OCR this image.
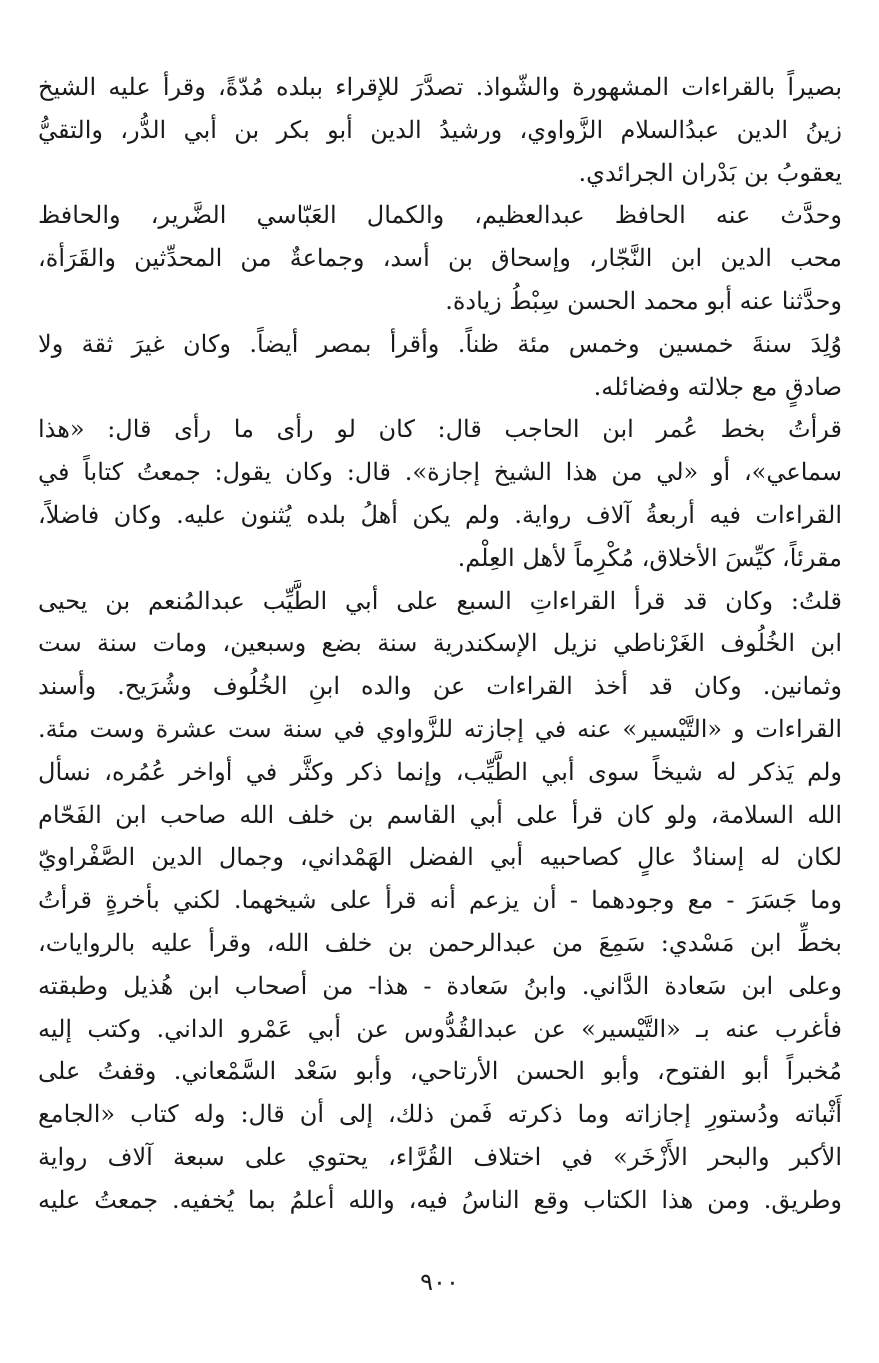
بصيراً بالقراءات المشهورة والشّواذ. تصدَّرَ للإقراء ببلده مُدّةً، وقرأ عليه الشيخ
زينُ الدين عبدُالسلام الزَّواوي، ورشيدُ الدين أبو بكر بن أبي الدُّر، والتقيُّ
يعقوبُ بن بَدْران الجرائدي.
وحدَّث عنه الحافظ عبدالعظيم، والكمال العَبّاسي الضَّرير، والحافظ
محب الدين ابن النَّجّار، وإسحاق بن أسد، وجماعةٌ من المحدِّثين والقَرَأة،
وحدَّثنا عنه أبو محمد الحسن سِبْطُ زيادة.
وُلِدَ سنةَ خمسين وخمس مئة ظناً. وأقرأ بمصر أيضاً. وكان غيرَ ثقة ولا
صادقٍ مع جلالته وفضائله.
قرأتُ بخط عُمر ابن الحاجب قال: كان لو رأى ما رأى قال: «هذا
سماعي»، أو «لي من هذا الشيخ إجازة». قال: وكان يقول: جمعتُ كتاباً في
القراءات فيه أربعةُ آلاف رواية. ولم يكن أهلُ بلده يُثنون عليه. وكان فاضلاً،
مقرئاً، كيِّسَ الأخلاق، مُكْرِماً لأهل العِلْم.
قلتُ: وكان قد قرأ القراءاتِ السبع على أبي الطَّيِّب عبدالمُنعم بن يحيى
ابن الخُلُوف الغَرْناطي نزيل الإسكندرية سنة بضع وسبعين، ومات سنة ست
وثمانين. وكان قد أخذ القراءات عن والده ابنِ الخُلُوف وشُرَيح. وأسند
القراءات و «التَّيْسير» عنه في إجازته للزَّواوي في سنة ست عشرة وست مئة.
ولم يَذكر له شيخاً سوى أبي الطَّيِّب، وإنما ذكر وكثَّر في أواخر عُمُره، نسأل
الله السلامة، ولو كان قرأ على أبي القاسم بن خلف الله صاحب ابن الفَحّام
لكان له إسنادٌ عالٍ كصاحبيه أبي الفضل الهَمْداني، وجمال الدين الصَّفْراويّ
وما جَسَرَ - مع وجودهما - أن يزعم أنه قرأ على شيخهما. لكني بأخرةٍ قرأتُ
بخطِّ ابن مَسْدي: سَمِعَ من عبدالرحمن بن خلف الله، وقرأ عليه بالروايات،
وعلى ابن سَعادة الدَّاني. وابنُ سَعادة - هذا- من أصحاب ابن هُذيل وطبقته
فأغرب عنه بـ «التَّيْسير» عن عبدالقُدُّوس عن أبي عَمْرو الداني. وكتب إليه
مُخبراً أبو الفتوح، وأبو الحسن الأرتاحي، وأبو سَعْد السَّمْعاني. وقفتُ على
أَثْباته ودُستورِ إجازاته وما ذكرته فَمن ذلك، إلى أن قال: وله كتاب «الجامع
الأكبر والبحر الأَزْخَر» في اختلاف القُرَّاء، يحتوي على سبعة آلاف رواية
وطريق. ومن هذا الكتاب وقع الناسُ فيه، والله أعلمُ بما يُخفيه. جمعتُ عليه
٩٠٠
